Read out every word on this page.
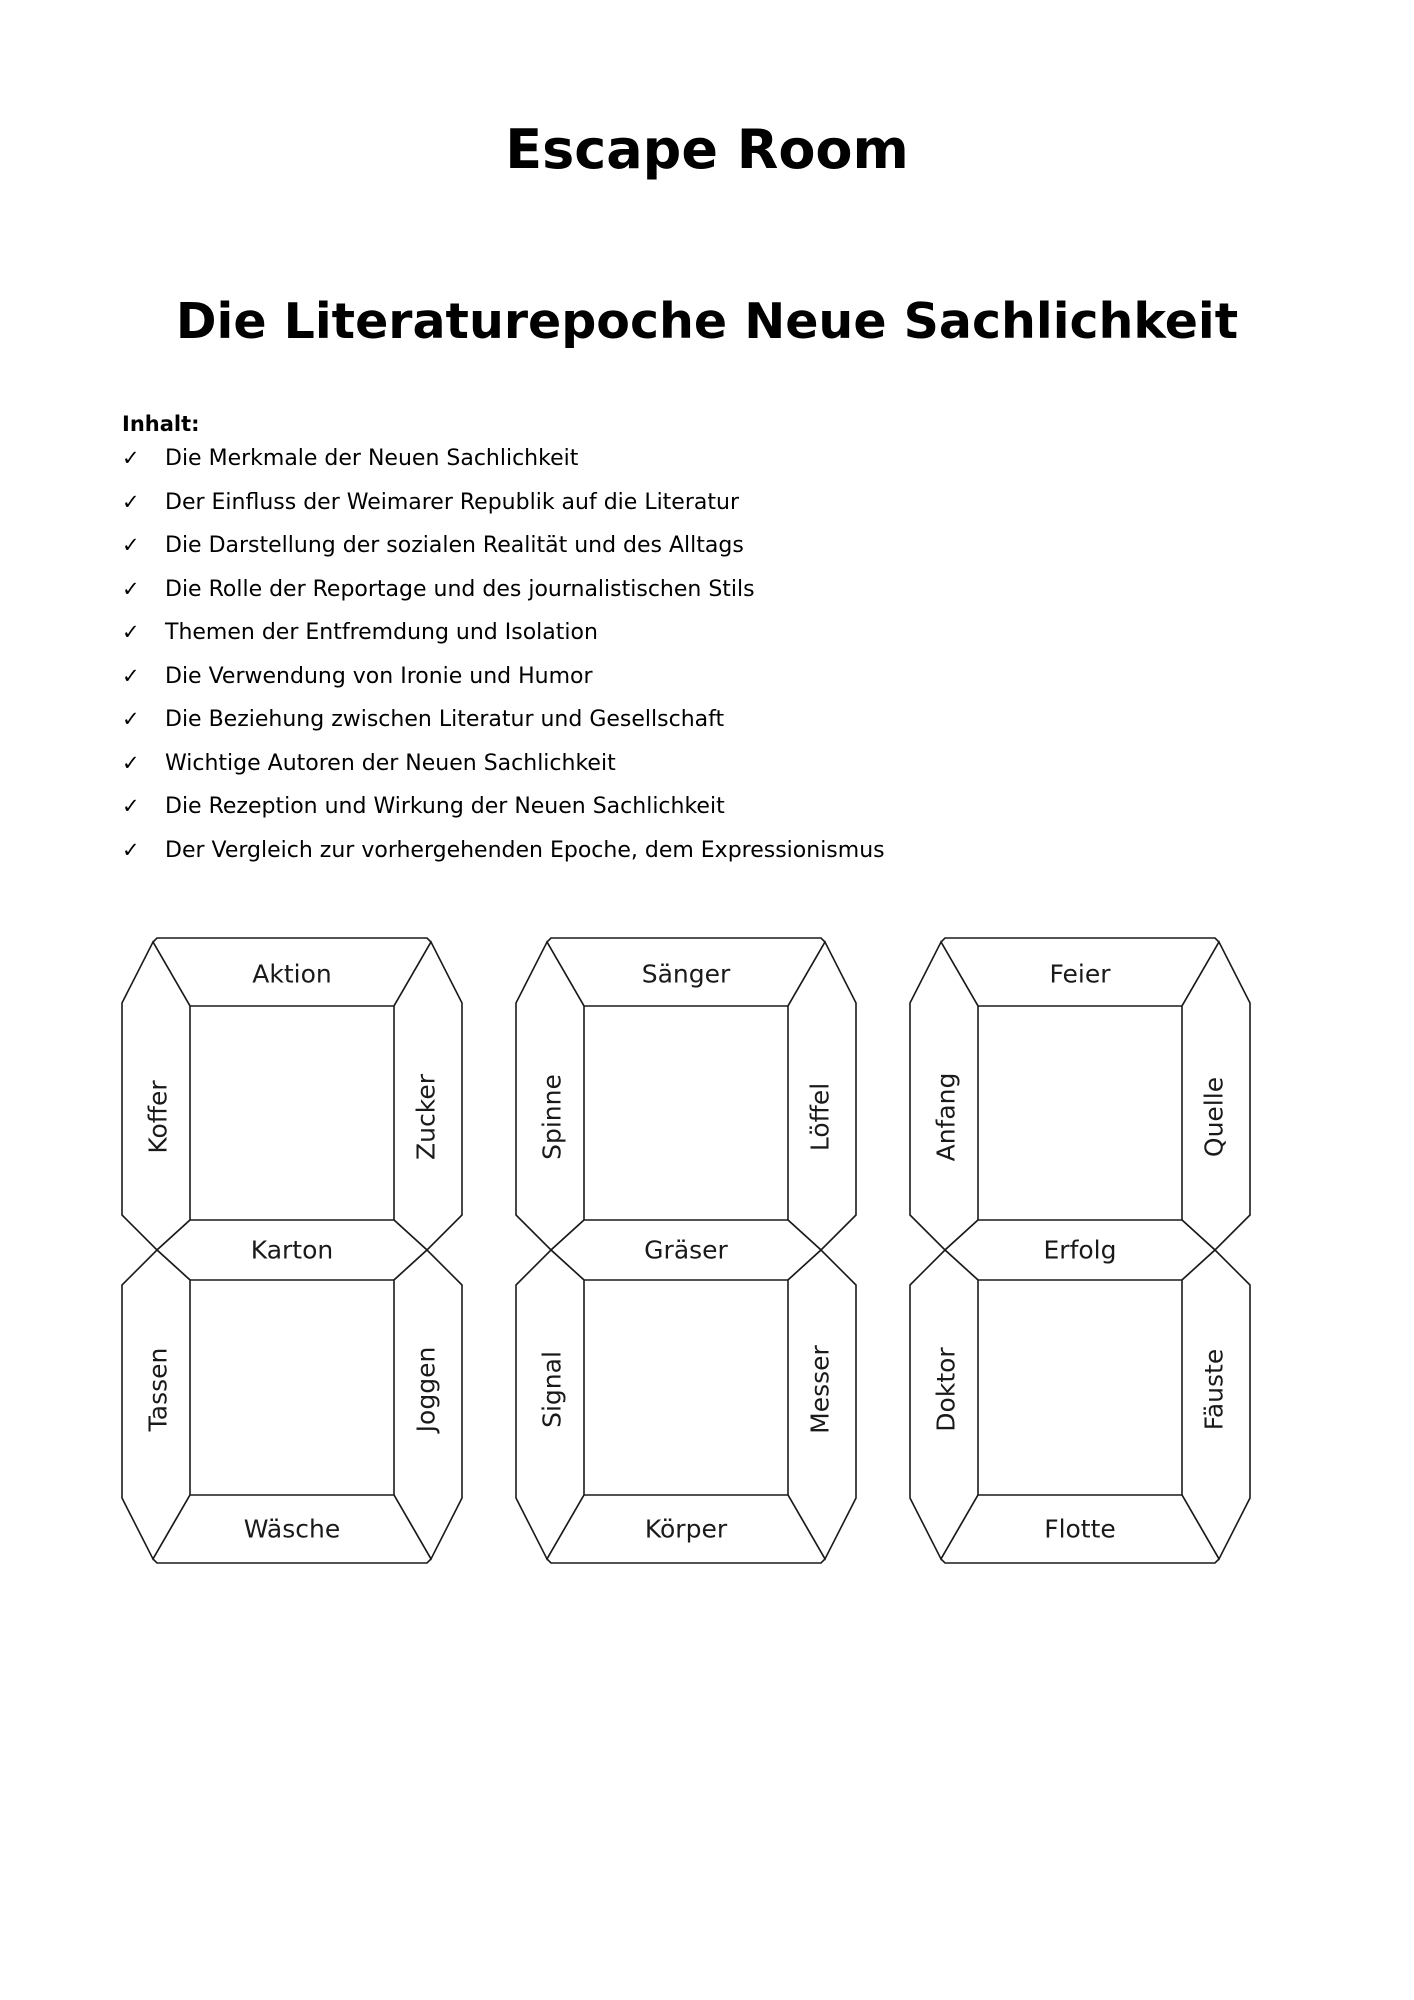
Escape Room
Die Literaturepoche Neue Sachlichkeit
Inhalt:
✓ Die Merkmale der Neuen Sachlichkeit
✓ Der Einfluss der Weimarer Republik auf die Literatur
✓ Die Darstellung der sozialen Realität und des Alltags
✓ Die Rolle der Reportage und des journalistischen Stils
✓ Themen der Entfremdung und Isolation
✓ Die Verwendung von Ironie und Humor
✓ Die Beziehung zwischen Literatur und Gesellschaft
✓ Wichtige Autoren der Neuen Sachlichkeit
✓ Die Rezeption und Wirkung der Neuen Sachlichkeit
✓ Der Vergleich zur vorhergehenden Epoche, dem Expressionismus
Aktion
Koffer	Zucker
Karton
Tassen	Joggen
Wäsche
Sänger
Spinne	Löffel
Gräser
Signal	Messer
Körper
Feier
Anfang	Quelle
Erfolg
Doktor	Fäuste
Flotte
